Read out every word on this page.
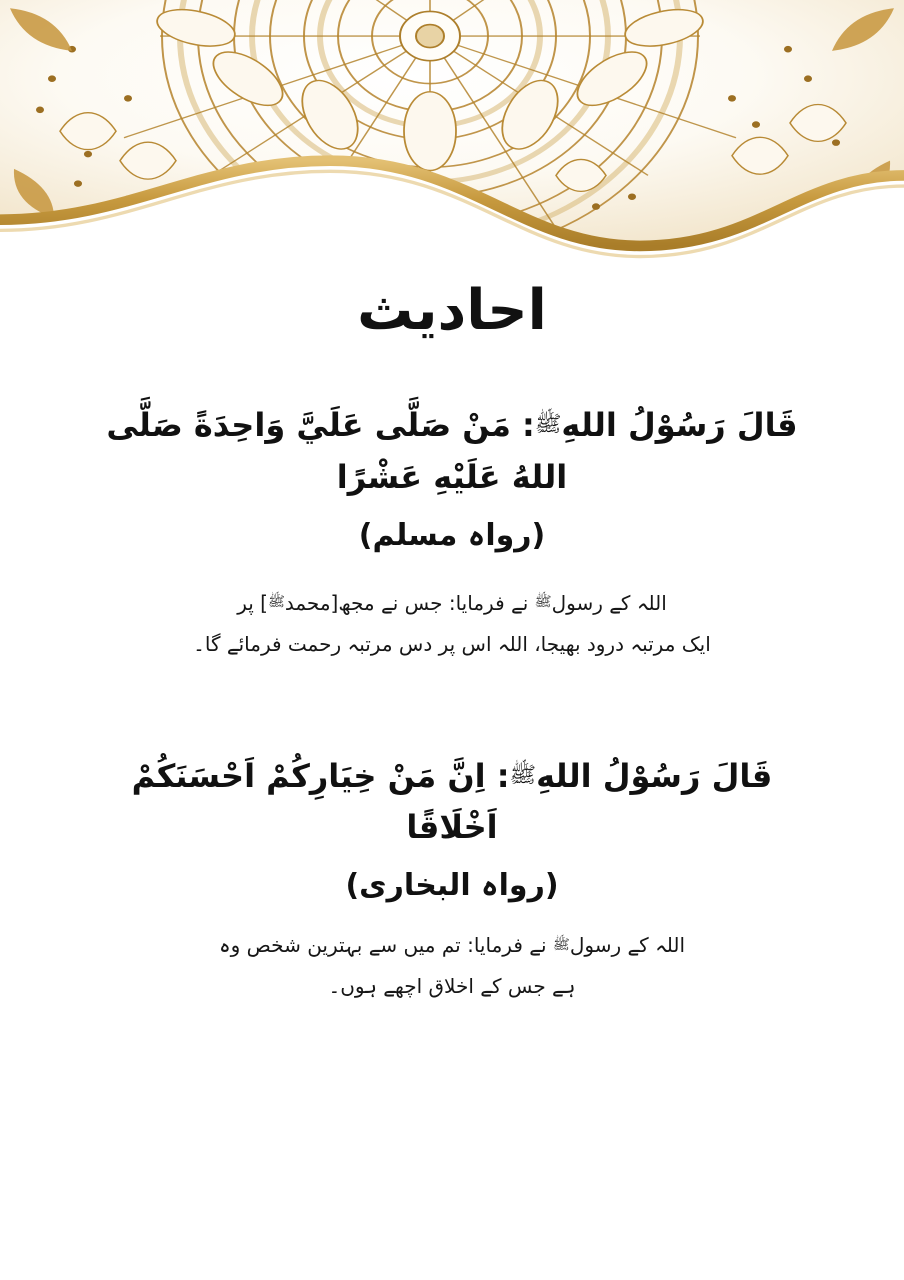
احادیث
قَالَ رَسُوْلُ اللهِﷺ: مَنْ صَلَّى عَلَيَّ وَاحِدَةً صَلَّى
اللهُ عَلَيْهِ عَشْرًا
(رواہ مسلم)
اللہ کے رسولﷺ نے فرمایا: جس نے مجھ[محمدﷺ] پر
ایک مرتبہ درود بھیجا، اللہ اس پر دس مرتبہ رحمت فرمائے گا۔
قَالَ رَسُوْلُ اللهِﷺ: اِنَّ مَنْ خِيَارِكُمْ اَحْسَنَكُمْ
اَخْلَاقًا
(رواہ البخاری)
اللہ کے رسولﷺ نے فرمایا: تم میں سے بہترین شخص وہ
ہے جس کے اخلاق اچھے ہوں۔
